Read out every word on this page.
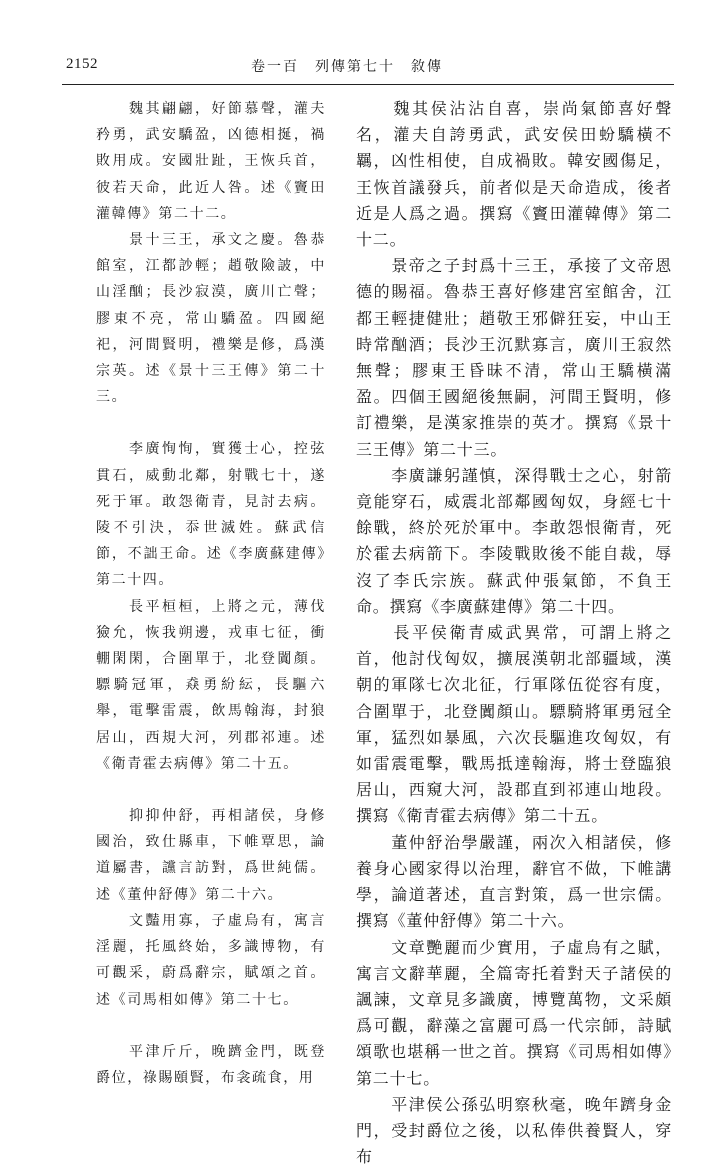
2152	卷一百　列傳第七十　敘傳

　　魏其翩翩，好節慕聲，灌夫矜勇，武安驕盈，凶德相挻，禍敗用成。安國壯趾，王恢兵首，彼若天命，此近人咎。述《竇田灌韓傳》第二十二。

　　景十三王，承文之慶。魯恭館室，江都訬輕；趙敬險詖，中山淫酗；長沙寂漠，廣川亡聲；膠東不亮，常山驕盈。四國絕祀，河間賢明，禮樂是修，爲漢宗英。述《景十三王傳》第二十三。

　　李廣恂恂，實獲士心，控弦貫石，威動北鄰，射戰七十，遂死于軍。敢怨衛青，見討去病。陵不引決，忝世滅姓。蘇武信節，不詘王命。述《李廣蘇建傳》第二十四。

　　長平桓桓，上將之元，薄伐獫允，恢我朔邊，戎車七征，衝輣閑閑，合圍單于，北登闐顏。驃騎冠軍，猋勇紛紜，長驅六舉，電擊雷震，飲馬翰海，封狼居山，西規大河，列郡祁連。述《衛青霍去病傳》第二十五。

　　抑抑仲舒，再相諸侯，身修國治，致仕縣車，下帷覃思，論道屬書，讜言訪對，爲世純儒。述《董仲舒傳》第二十六。

　　文豔用寡，子虛烏有，寓言淫麗，托風終始，多識博物，有可觀采，蔚爲辭宗，賦頌之首。述《司馬相如傳》第二十七。

　　平津斤斤，晚躋金門，既登爵位，祿賜頤賢，布衾疏食，用

　　魏其侯沾沾自喜，崇尚氣節喜好聲名，灌夫自誇勇武，武安侯田蚡驕橫不羈，凶性相使，自成禍敗。韓安國傷足，王恢首議發兵，前者似是天命造成，後者近是人爲之過。撰寫《竇田灌韓傳》第二十二。

　　景帝之子封爲十三王，承接了文帝恩德的賜福。魯恭王喜好修建宮室館舍，江都王輕捷健壯；趙敬王邪僻狂妄，中山王時常酗酒；長沙王沉默寡言，廣川王寂然無聲；膠東王昏昧不清，常山王驕橫滿盈。四個王國絕後無嗣，河間王賢明，修訂禮樂，是漢家推崇的英才。撰寫《景十三王傳》第二十三。

　　李廣謙躬謹慎，深得戰士之心，射箭竟能穿石，威震北部鄰國匈奴，身經七十餘戰，終於死於軍中。李敢怨恨衛青，死於霍去病箭下。李陵戰敗後不能自裁，辱沒了李氏宗族。蘇武仲張氣節，不負王命。撰寫《李廣蘇建傳》第二十四。

　　長平侯衛青威武異常，可謂上將之首，他討伐匈奴，擴展漢朝北部疆域，漢朝的軍隊七次北征，行軍隊伍從容有度，合圍單于，北登闐顏山。驃騎將軍勇冠全軍，猛烈如暴風，六次長驅進攻匈奴，有如雷震電擊，戰馬抵達翰海，將士登臨狼居山，西窺大河，設郡直到祁連山地段。撰寫《衛青霍去病傳》第二十五。

　　董仲舒治學嚴謹，兩次入相諸侯，修養身心國家得以治理，辭官不做，下帷講學，論道著述，直言對策，爲一世宗儒。撰寫《董仲舒傳》第二十六。

　　文章艷麗而少實用，子虛烏有之賦，寓言文辭華麗，全篇寄托着對天子諸侯的諷諫，文章見多識廣，博覽萬物，文采頗爲可觀，辭藻之富麗可爲一代宗師，詩賦頌歌也堪稱一世之首。撰寫《司馬相如傳》第二十七。

　　平津侯公孫弘明察秋毫，晚年躋身金門，受封爵位之後，以私俸供養賢人，穿布
